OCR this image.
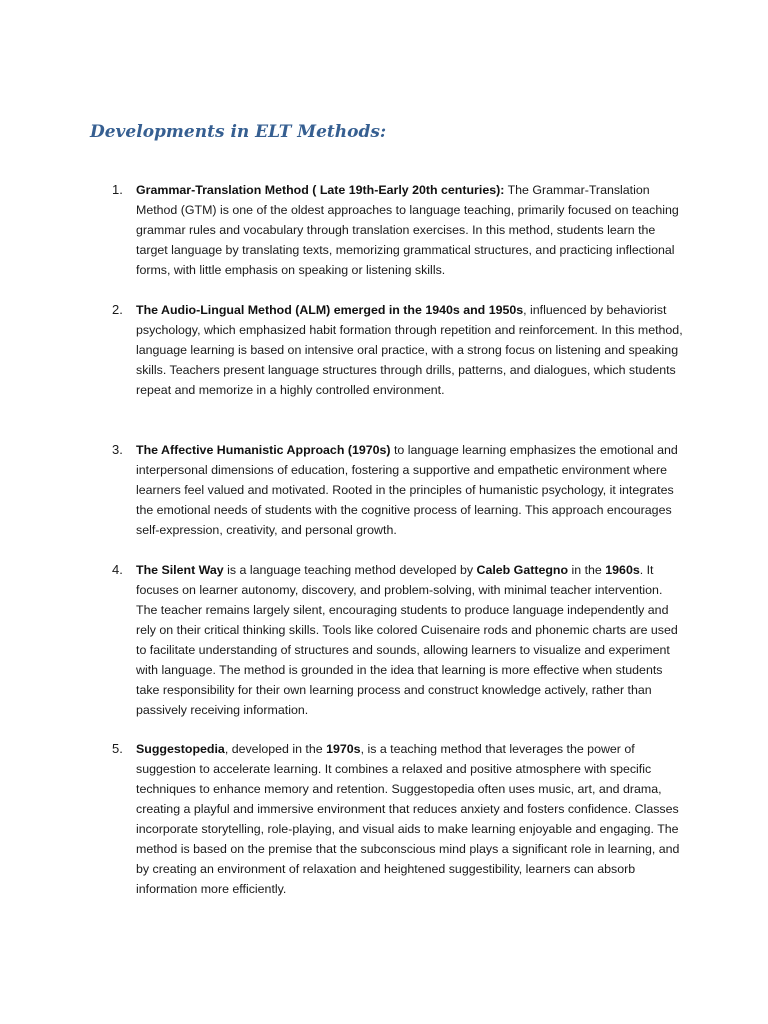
Developments in ELT Methods:
1.	Grammar-Translation Method ( Late 19th-Early 20th centuries): The Grammar-Translation Method (GTM) is one of the oldest approaches to language teaching, primarily focused on teaching grammar rules and vocabulary through translation exercises. In this method, students learn the target language by translating texts, memorizing grammatical structures, and practicing inflectional forms, with little emphasis on speaking or listening skills.

2.	The Audio-Lingual Method (ALM) emerged in the 1940s and 1950s, influenced by behaviorist psychology, which emphasized habit formation through repetition and reinforcement. In this method, language learning is based on intensive oral practice, with a strong focus on listening and speaking skills. Teachers present language structures through drills, patterns, and dialogues, which students repeat and memorize in a highly controlled environment.

3.	The Affective Humanistic Approach (1970s) to language learning emphasizes the emotional and interpersonal dimensions of education, fostering a supportive and empathetic environment where learners feel valued and motivated. Rooted in the principles of humanistic psychology, it integrates the emotional needs of students with the cognitive process of learning. This approach encourages self-expression, creativity, and personal growth.

4.	The Silent Way is a language teaching method developed by Caleb Gattegno in the 1960s. It focuses on learner autonomy, discovery, and problem-solving, with minimal teacher intervention. The teacher remains largely silent, encouraging students to produce language independently and rely on their critical thinking skills. Tools like colored Cuisenaire rods and phonemic charts are used to facilitate understanding of structures and sounds, allowing learners to visualize and experiment with language. The method is grounded in the idea that learning is more effective when students take responsibility for their own learning process and construct knowledge actively, rather than passively receiving information.

5.	Suggestopedia, developed in the 1970s, is a teaching method that leverages the power of suggestion to accelerate learning. It combines a relaxed and positive atmosphere with specific techniques to enhance memory and retention. Suggestopedia often uses music, art, and drama, creating a playful and immersive environment that reduces anxiety and fosters confidence. Classes incorporate storytelling, role-playing, and visual aids to make learning enjoyable and engaging. The method is based on the premise that the subconscious mind plays a significant role in learning, and by creating an environment of relaxation and heightened suggestibility, learners can absorb information more efficiently.
